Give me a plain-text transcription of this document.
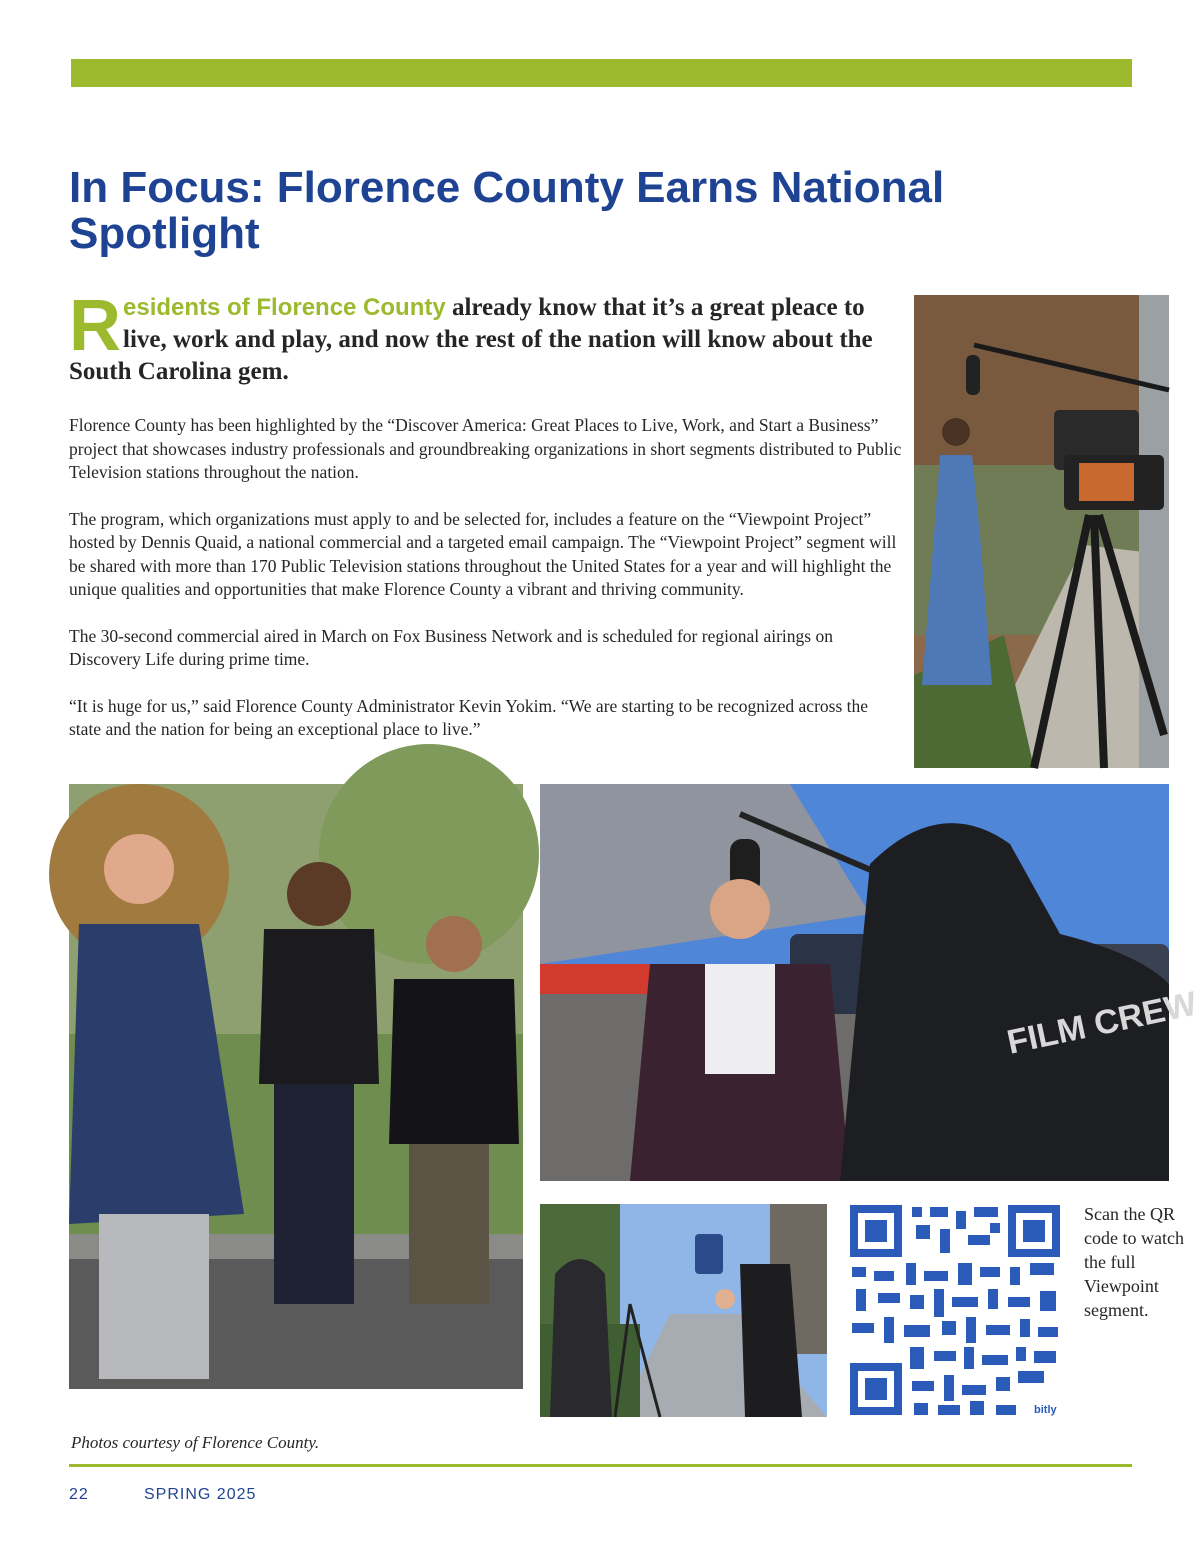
In Focus: Florence County Earns National Spotlight

Residents of Florence County already know that it’s a great pleace to live, work and play, and now the rest of the nation will know about the South Carolina gem.

Florence County has been highlighted by the “Discover America: Great Places to Live, Work, and Start a Business” project that showcases industry professionals and groundbreaking organizations in short segments distributed to Public Television stations throughout the nation.

The program, which organizations must apply to and be selected for, includes a feature on the “Viewpoint Project” hosted by Dennis Quaid, a national commercial and a targeted email campaign. The “Viewpoint Project” segment will be shared with more than 170 Public Television stations throughout the United States for a year and will highlight the unique qualities and opportunities that make Florence County a vibrant and thriving community.

The 30-second commercial aired in March on Fox Business Network and is scheduled for regional airings on Discovery Life during prime time.

“It is huge for us,” said Florence County Administrator Kevin Yokim. “We are starting to be recognized across the state and the nation for being an exceptional place to live.”

FILM CREW
bitly

Scan the QR code to watch the full Viewpoint segment.

Photos courtesy of Florence County.

22	SPRING 2025
